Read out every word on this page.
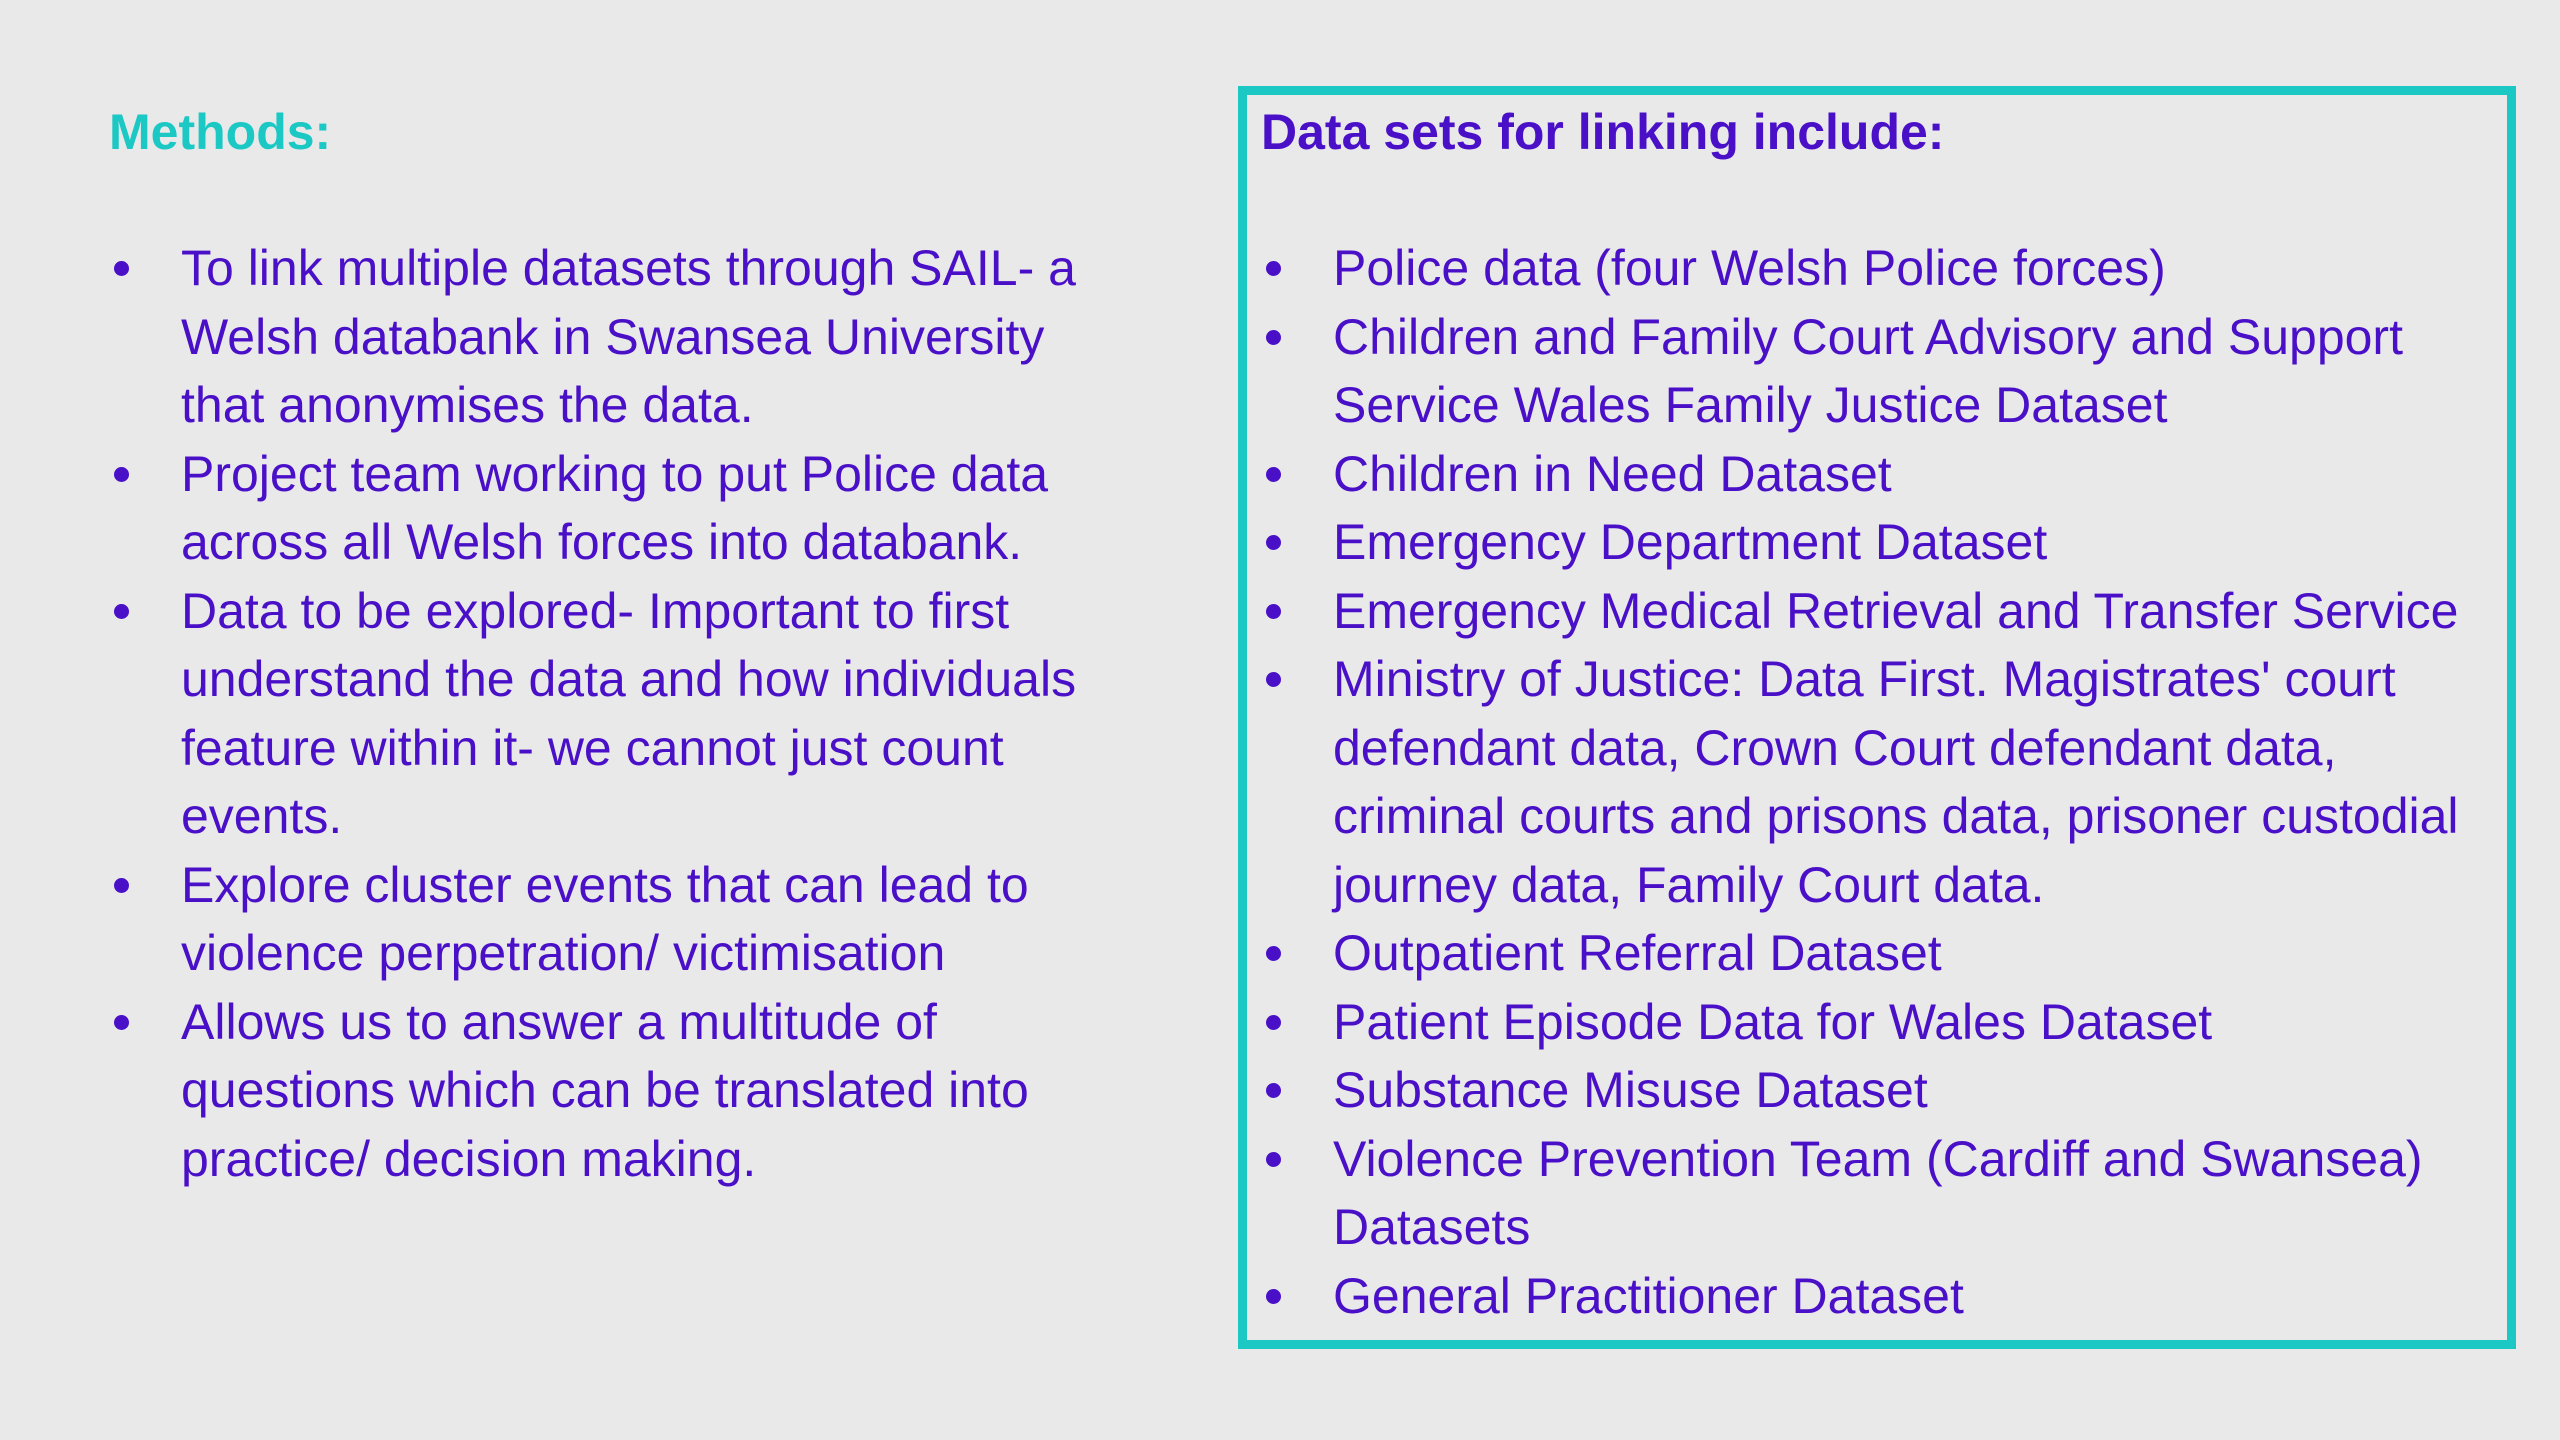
Methods:
To link multiple datasets through SAIL- a Welsh databank in Swansea University that anonymises the data.
Project team working to put Police data across all Welsh forces into databank.
Data to be explored- Important to first understand the data and how individuals feature within it- we cannot just count events.
Explore cluster events that can lead to violence perpetration/ victimisation
Allows us to answer a multitude of questions which can be translated into practice/ decision making.
Data sets for linking include:
Police data (four Welsh Police forces)
Children and Family Court Advisory and Support Service Wales Family Justice Dataset
Children in Need Dataset
Emergency Department Dataset
Emergency Medical Retrieval and Transfer Service
Ministry of Justice: Data First. Magistrates' court defendant data, Crown Court defendant data, criminal courts and prisons data, prisoner custodial journey data, Family Court data.
Outpatient Referral Dataset
Patient Episode Data for Wales Dataset
Substance Misuse Dataset
Violence Prevention Team (Cardiff and Swansea) Datasets
General Practitioner Dataset
